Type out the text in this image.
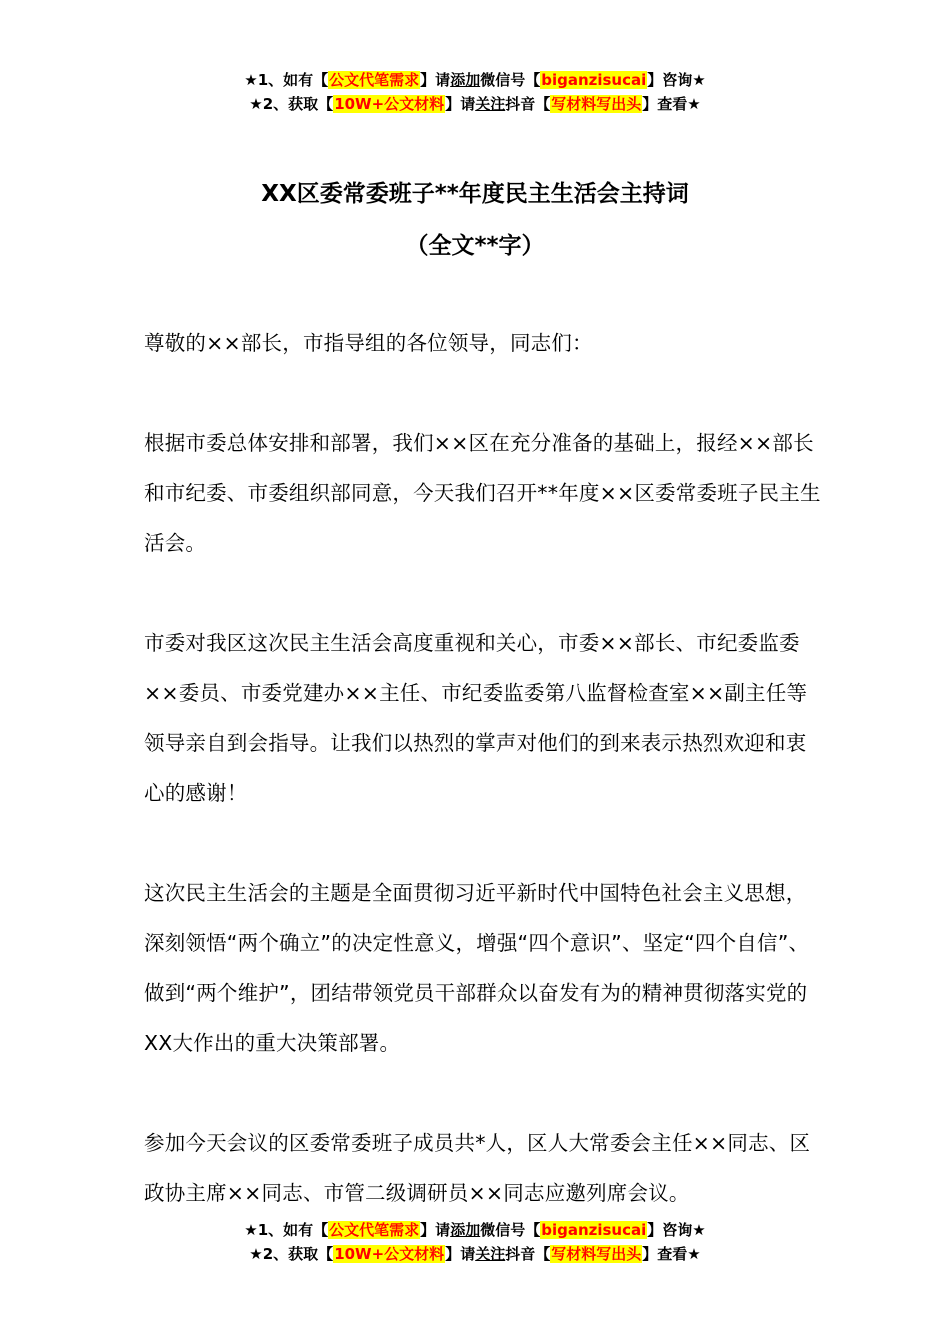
★1、如有【公文代笔需求】请添加微信号【biganzisucai】咨询★
★2、获取【10W+公文材料】请关注抖音【写材料写出头】查看★
XX区委常委班子**年度民主生活会主持词
（全文**字）

尊敬的××部长，市指导组的各位领导，同志们：

根据市委总体安排和部署，我们××区在充分准备的基础上，报经××部长和市纪委、市委组织部同意，今天我们召开**年度××区委常委班子民主生活会。

市委对我区这次民主生活会高度重视和关心，市委××部长、市纪委监委××委员、市委党建办××主任、市纪委监委第八监督检查室××副主任等领导亲自到会指导。让我们以热烈的掌声对他们的到来表示热烈欢迎和衷心的感谢！

这次民主生活会的主题是全面贯彻习近平新时代中国特色社会主义思想，深刻领悟“两个确立”的决定性意义，增强“四个意识”、坚定“四个自信”、做到“两个维护”，团结带领党员干部群众以奋发有为的精神贯彻落实党的XX大作出的重大决策部署。

参加今天会议的区委常委班子成员共*人，区人大常委会主任××同志、区政协主席××同志、市管二级调研员××同志应邀列席会议。

★1、如有【公文代笔需求】请添加微信号【biganzisucai】咨询★
★2、获取【10W+公文材料】请关注抖音【写材料写出头】查看★
